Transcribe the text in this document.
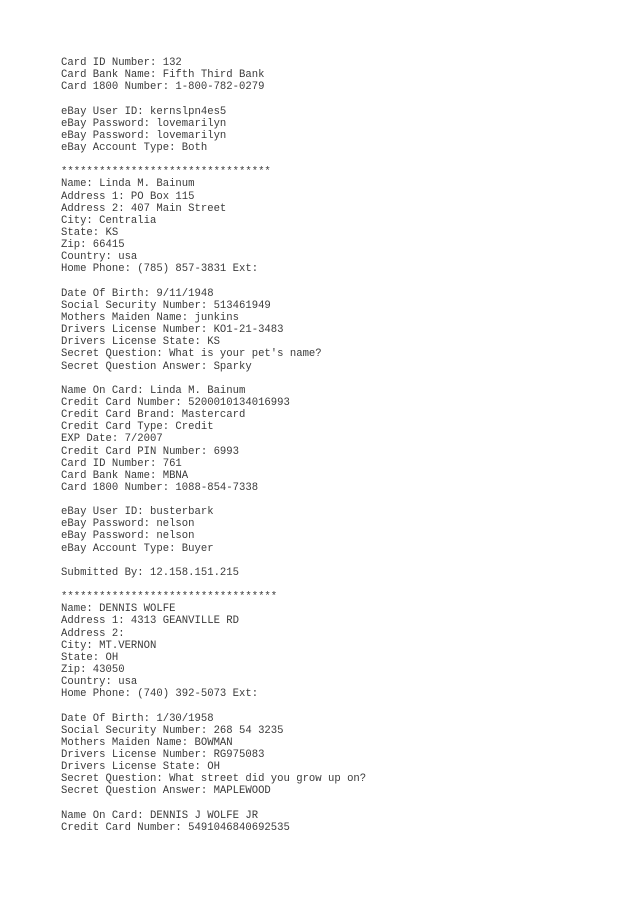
Card ID Number: 132
Card Bank Name: Fifth Third Bank
Card 1800 Number: 1-800-782-0279
eBay User ID: kernslpn4es5
eBay Password: lovemarilyn
eBay Password: lovemarilyn
eBay Account Type: Both
*********************************
Name: Linda M. Bainum
Address 1: PO Box 115
Address 2: 407 Main Street
City: Centralia
State: KS
Zip: 66415
Country: usa
Home Phone: (785) 857-3831 Ext:
Date Of Birth: 9/11/1948
Social Security Number: 513461949
Mothers Maiden Name: junkins
Drivers License Number: KO1-21-3483
Drivers License State: KS
Secret Question: What is your pet's name?
Secret Question Answer: Sparky
Name On Card: Linda M. Bainum
Credit Card Number: 5200010134016993
Credit Card Brand: Mastercard
Credit Card Type: Credit
EXP Date: 7/2007
Credit Card PIN Number: 6993
Card ID Number: 761
Card Bank Name: MBNA
Card 1800 Number: 1088-854-7338
eBay User ID: busterbark
eBay Password: nelson
eBay Password: nelson
eBay Account Type: Buyer
Submitted By: 12.158.151.215
**********************************
Name: DENNIS WOLFE
Address 1: 4313 GEANVILLE RD
Address 2:
City: MT.VERNON
State: OH
Zip: 43050
Country: usa
Home Phone: (740) 392-5073 Ext:
Date Of Birth: 1/30/1958
Social Security Number: 268 54 3235
Mothers Maiden Name: BOWMAN
Drivers License Number: RG975083
Drivers License State: OH
Secret Question: What street did you grow up on?
Secret Question Answer: MAPLEWOOD
Name On Card: DENNIS J WOLFE JR
Credit Card Number: 5491046840692535
